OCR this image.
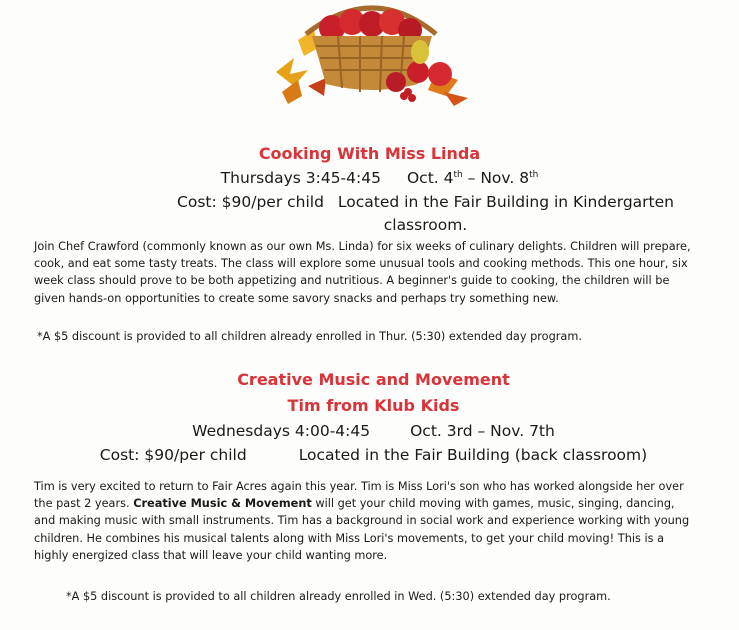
Cooking With Miss Linda
Thursdays 3:45-4:45 Oct. 4th – Nov. 8th
Cost: $90/per child Located in the Fair Building in Kindergarten
classroom.

Join Chef Crawford (commonly known as our own Ms. Linda) for six weeks of culinary delights. Children will prepare, cook, and eat some tasty treats. The class will explore some unusual tools and cooking methods. This one hour, six week class should prove to be both appetizing and nutritious. A beginner's guide to cooking, the children will be given hands-on opportunities to create some savory snacks and perhaps try something new.

*A $5 discount is provided to all children already enrolled in Thur. (5:30) extended day program.
Creative Music and Movement
Tim from Klub Kids
Wednesdays 4:00-4:45	Oct. 3rd – Nov. 7th
Cost: $90/per child	Located in the Fair Building (back classroom)

Tim is very excited to return to Fair Acres again this year. Tim is Miss Lori's son who has worked alongside her over the past 2 years. Creative Music & Movement will get your child moving with games, music, singing, dancing, and making music with small instruments. Tim has a background in social work and experience working with young children. He combines his musical talents along with Miss Lori's movements, to get your child moving! This is a highly energized class that will leave your child wanting more.

*A $5 discount is provided to all children already enrolled in Wed. (5:30) extended day program.
